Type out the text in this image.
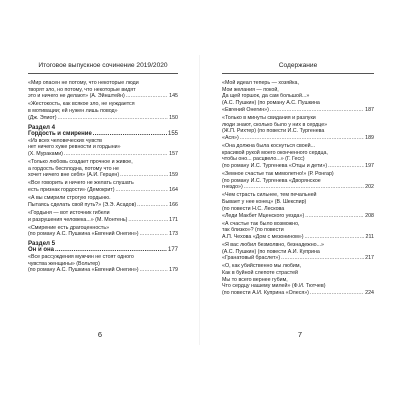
Итоговое выпускное сочинение 2019/2020
«Мир опасен не потому, что некоторые люди
творят зло, но потому, что некоторые видят
это и ничего не делают» (А. Эйнштейн) .....	145
«Жестокость, как всякое зло, не нуждается
в мотивации; ей нужен лишь повод»
(Дж. Элиот) .....	150
Раздел 4
Гордость и смирение .....	155
«Из всех человеческих чувств
нет ничего хуже ревности и гордыни»
(Х. Мураками) .....	157
«Только любовь создает прочное и живое,
а гордость бесплодна, потому что не
хочет ничего вне себя» (А.И. Герцен) .....	159
«Все говорить и ничего не желать слушать
есть признак гордости» (Демокрит) .....	164
«А вы смирили строгую гордыню.
Пытаясь сделать свой путь?» (Э.Э. Асадов) .....	166
«Гордыня — вот источник гибели
и разрушения человека...» (М. Монтень) .....	171
«Смирение есть драгоценность»
(по роману А.С. Пушкина «Евгений Онегин») .....	173
Раздел 5
Он и она .....	177
«Все рассуждения мужчин не стоят одного
чувства женщины» (Вольтер)
(по роману А.С. Пушкина «Евгений Онегин») .....	179
6
Содержание
«Мой идеал теперь — хозяйка,
Мои желания — покой,
Да щей горшок, да сам большой...»
(А.С. Пушкин) (по роману А.С. Пушкина
«Евгений Онегин») .....	187
«Только в минуты свидания и разлуки
люди знают, сколько было у них в сердце»
(Ж.П. Рихтер) (по повести И.С. Тургенева
«Ася») .....	189
«Она должна была коснуться своей...
красивой рукой моего оконченного сердца,
чтобы оно... расцвело...» (Г. Гесс)
(по роману И.С. Тургенева «Отцы и дети») .....	197
«Земное счастье так мимолетно!» (Р. Ронгар)
(по роману И.С. Тургенева «Дворянское
гнездо») .....	202
«Чем страсть сильнее, тем печальней
Бывает у нее конец» (В. Шекспир)
(по повести Н.С. Лескова
«Леди Макбет Мценского уезда») .....	208
«А счастье так было возможно,
так близко»? (по повести
А.П. Чехова «Дом с мезонином») .....	211
«Я вас любил безмолвно, безнадежно...»
(А.С. Пушкин) (по повести А.И. Куприна
«Гранатовый браслет») .....	217
«О, как убийственно мы любим,
Как в буйной слепоте страстей
Мы то всего вернее губим,
Что сердцу нашему милей» (Ф.И. Тютчев)
(по повести А.И. Куприна «Олеся») .....	224
7
